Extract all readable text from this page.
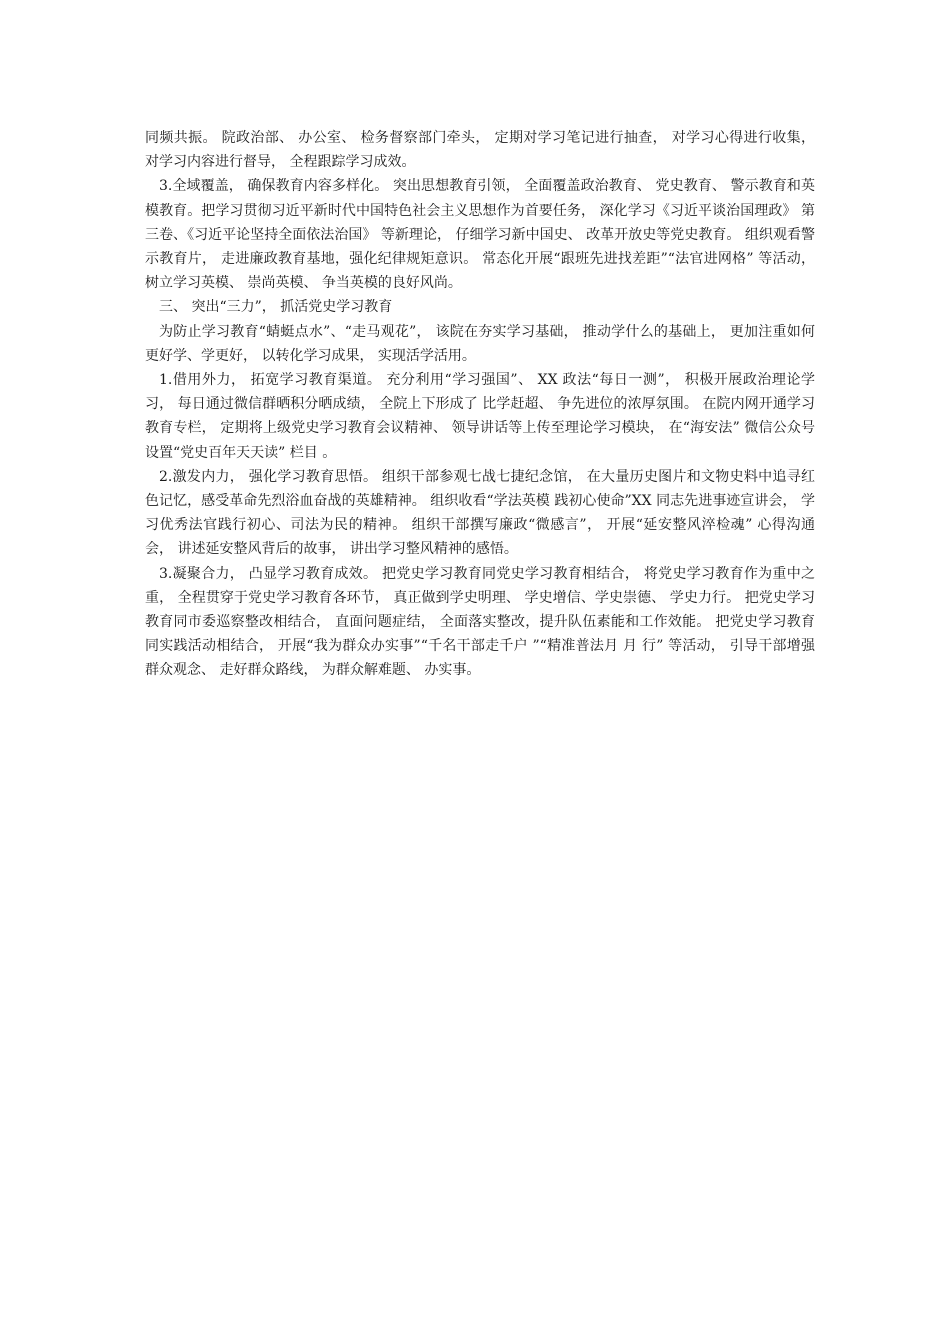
同频共振。 院政治部、 办公室、 检务督察部门牵头， 定期对学习笔记进行抽查， 对学习心得进行收集， 对学习内容进行督导， 全程跟踪学习成效。

3.全域覆盖， 确保教育内容多样化。 突出思想教育引领， 全面覆盖政治教育、 党史教育、 警示教育和英模教育。把学习贯彻习近平新时代中国特色社会主义思想作为首要任务， 深化学习《习近平谈治国理政》 第三卷、《习近平论坚持全面依法治国》 等新理论， 仔细学习新中国史、 改革开放史等党史教育。 组织观看警示教育片， 走进廉政教育基地，强化纪律规矩意识。 常态化开展“跟班先进找差距”“法官进网格” 等活动， 树立学习英模、 崇尚英模、 争当英模的良好风尚。

三、 突出“三力”， 抓活党史学习教育

为防止学习教育“蜻蜓点水”、“走马观花”， 该院在夯实学习基础， 推动学什么的基础上， 更加注重如何更好学、学更好， 以转化学习成果， 实现活学活用。

1.借用外力， 拓宽学习教育渠道。 充分利用“学习强国”、 XX 政法“每日一测”， 积极开展政治理论学习， 每日通过微信群晒积分晒成绩， 全院上下形成了 比学赶超、 争先进位的浓厚氛围。 在院内网开通学习教育专栏， 定期将上级党史学习教育会议精神、 领导讲话等上传至理论学习模块， 在“海安法” 微信公众号设置“党史百年天天读” 栏目 。

2.激发内力， 强化学习教育思悟。 组织干部参观七战七捷纪念馆， 在大量历史图片和文物史料中追寻红色记忆，感受革命先烈浴血奋战的英雄精神。 组织收看“学法英模 践初心使命”XX 同志先进事迹宣讲会， 学习优秀法官践行初心、司法为民的精神。 组织干部撰写廉政“微感言”， 开展“延安整风淬检魂” 心得沟通会， 讲述延安整风背后的故事， 讲出学习整风精神的感悟。

3.凝聚合力， 凸显学习教育成效。 把党史学习教育同党史学习教育相结合， 将党史学习教育作为重中之重， 全程贯穿于党史学习教育各环节， 真正做到学史明理、 学史增信、学史崇德、 学史力行。 把党史学习教育同市委巡察整改相结合， 直面问题症结， 全面落实整改，提升队伍素能和工作效能。 把党史学习教育同实践活动相结合， 开展“我为群众办实事”“千名干部走千户 ”“精准普法月 月 行” 等活动， 引导干部增强群众观念、 走好群众路线， 为群众解难题、 办实事。
